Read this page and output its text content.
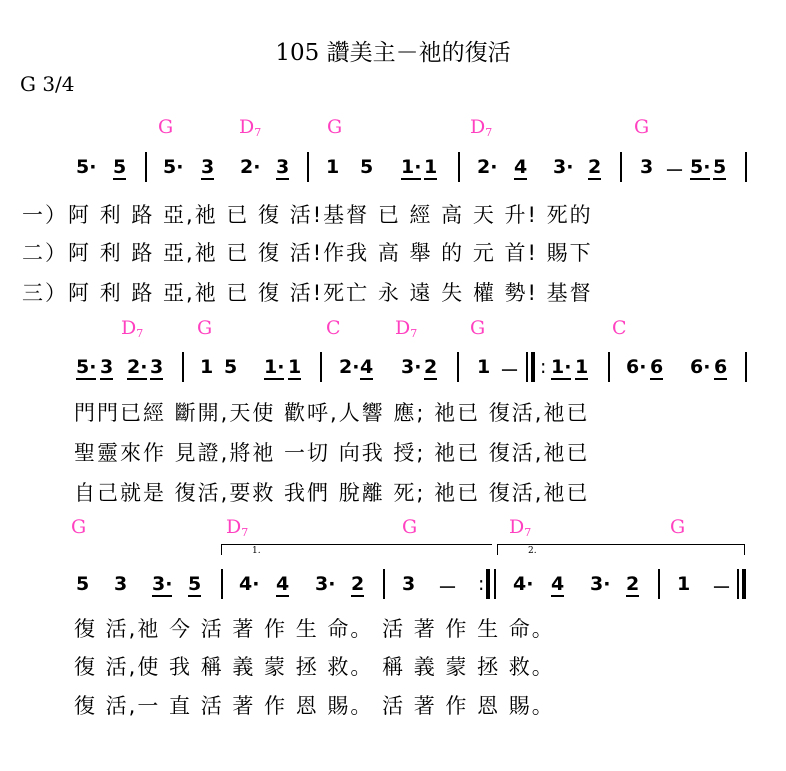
105 讚美主－祂的復活
G 3/4
G	$D_7$	G	$D_7$	G
5· 5 5· 3 2· 3 1 5 1· 1 2· 4 3· 2 3 － 5· 5
一）阿 利 路 亞,祂 已 復 活!基督 已 經 高 天 升! 死的
二）阿 利 路 亞,祂 已 復 活!作我 高 舉 的 元 首! 賜下
三）阿 利 路 亞,祂 已 復 活!死亡 永 遠 失 權 勢! 基督
$D_7$	G	C	$D_7$	G	C
5· 3 2· 3 1 5 1· 1 2· 4 3· 2 1 － : 1· 1 6· 6 6· 6
門門已經 斷開,天使 歡呼,人響 應; 祂已 復活,祂已
聖靈來作 見證,將祂 一切 向我 授; 祂已 復活,祂已
自己就是 復活,要救 我們 脫離 死; 祂已 復活,祂已
G	$D_7$	G	$D_7$	G
1.	2.
5 3 3· 5 4· 4 3· 2 3 － : 4· 4 3· 2 1 －
復 活,祂 今 活 著 作 生 命。 活 著 作 生 命。
復 活,使 我 稱 義 蒙 拯 救。 稱 義 蒙 拯 救。
復 活,一 直 活 著 作 恩 賜。 活 著 作 恩 賜。
